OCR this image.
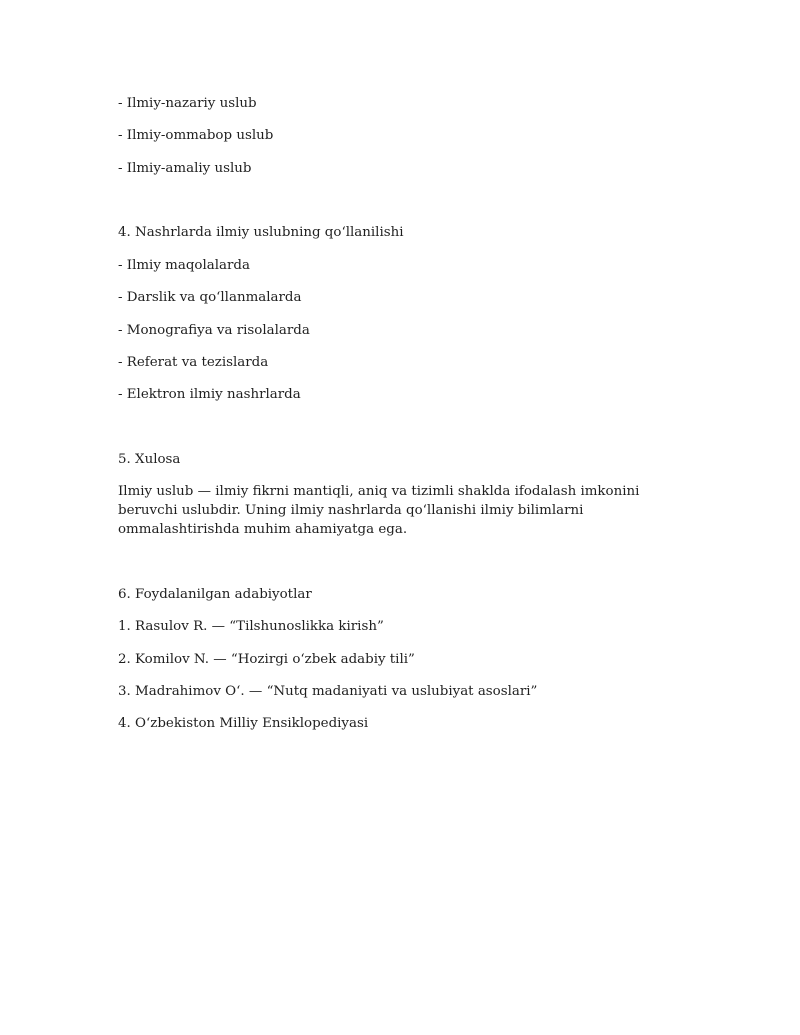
- Ilmiy-nazariy uslub

- Ilmiy-ommabop uslub

- Ilmiy-amaliy uslub

4. Nashrlarda ilmiy uslubning qo‘llanilishi

- Ilmiy maqolalarda

- Darslik va qo‘llanmalarda

- Monografiya va risolalarda

- Referat va tezislarda

- Elektron ilmiy nashrlarda

5. Xulosa

Ilmiy uslub — ilmiy fikrni mantiqli, aniq va tizimli shaklda ifodalash imkonini beruvchi uslubdir. Uning ilmiy nashrlarda qo‘llanishi ilmiy bilimlarni ommalashtirishda muhim ahamiyatga ega.

6. Foydalanilgan adabiyotlar

1. Rasulov R. — “Tilshunoslikka kirish”

2. Komilov N. — “Hozirgi o‘zbek adabiy tili”

3. Madrahimov O‘. — “Nutq madaniyati va uslubiyat asoslari”

4. O‘zbekiston Milliy Ensiklopediyasi
